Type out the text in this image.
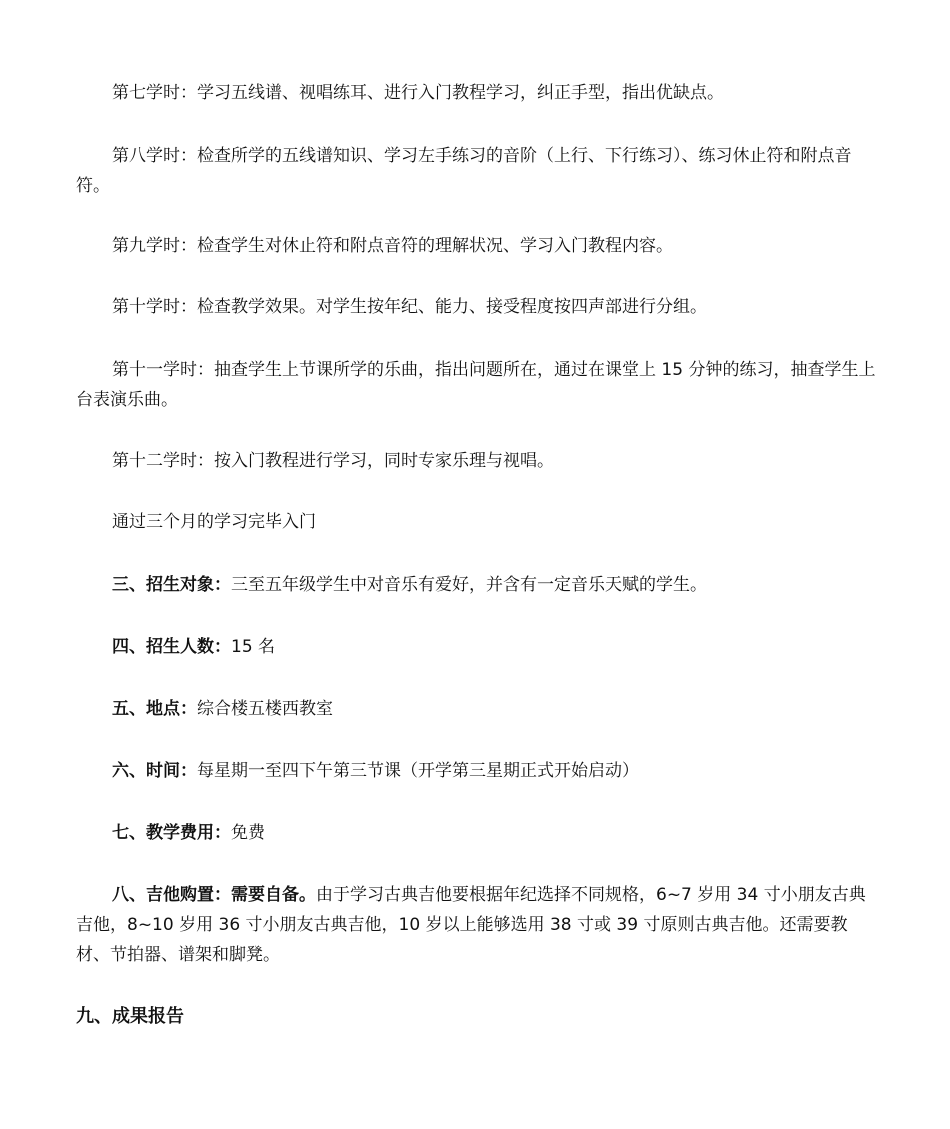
第七学时：学习五线谱、视唱练耳、进行入门教程学习，纠正手型，指出优缺点。

第八学时：检查所学的五线谱知识、学习左手练习的音阶（上行、下行练习）、练习休止符和附点音符。

第九学时：检查学生对休止符和附点音符的理解状况、学习入门教程内容。

第十学时：检查教学效果。对学生按年纪、能力、接受程度按四声部进行分组。

第十一学时：抽查学生上节课所学的乐曲，指出问题所在，通过在课堂上 15 分钟的练习，抽查学生上台表演乐曲。

第十二学时：按入门教程进行学习，同时专家乐理与视唱。

通过三个月的学习完毕入门

三、招生对象：三至五年级学生中对音乐有爱好，并含有一定音乐天赋的学生。

四、招生人数：15 名

五、地点：综合楼五楼西教室

六、时间：每星期一至四下午第三节课（开学第三星期正式开始启动）

七、教学费用：免费

八、吉他购置：需要自备。由于学习古典吉他要根据年纪选择不同规格，6~7 岁用 34 寸小朋友古典吉他，8~10 岁用 36 寸小朋友古典吉他，10 岁以上能够选用 38 寸或 39 寸原则古典吉他。还需要教材、节拍器、谱架和脚凳。

九、成果报告
